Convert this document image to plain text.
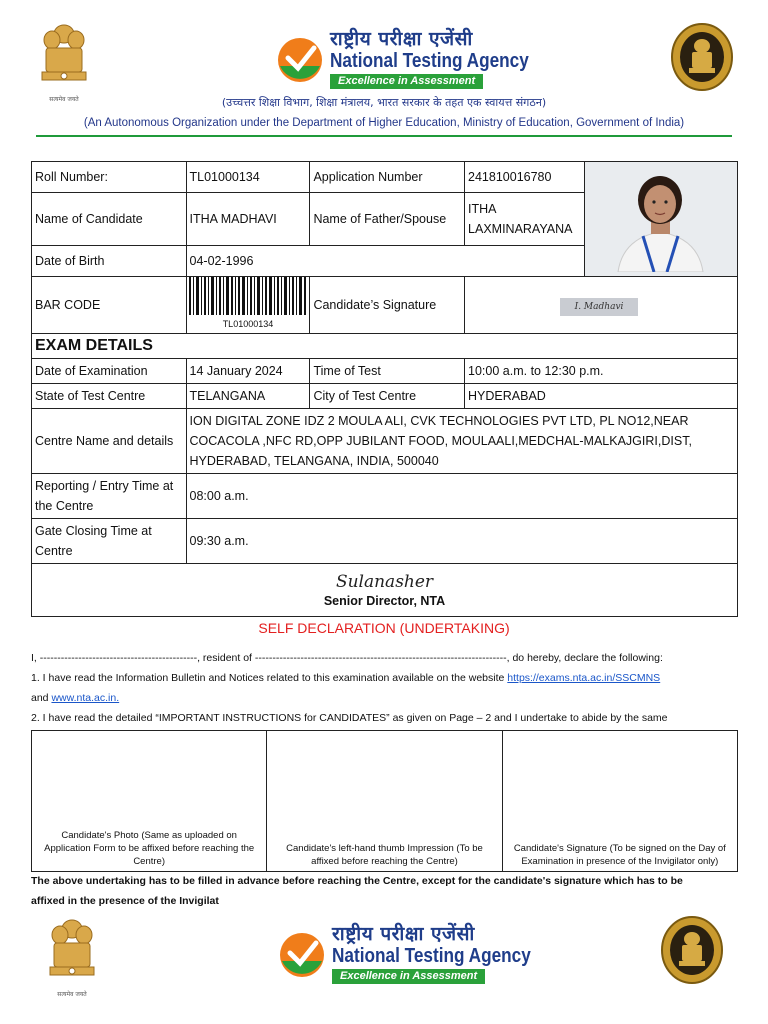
सत्यमेव जयते
राष्ट्रीय परीक्षा एजेंसी
National Testing Agency
Excellence in Assessment
(उच्चत्तर शिक्षा विभाग, शिक्षा मंत्रालय, भारत सरकार के तहत एक स्वायत्त संगठन)
(An Autonomous Organization under the Department of Higher Education, Ministry of Education, Government of India)
Roll Number:	TL01000134	Application Number	241810016780	

Name of Candidate	ITHA MADHAVI	Name of Father/Spouse	ITHA LAXMINARAYANA	
Date of Birth	04-02-1996			
BAR CODE	TL01000134	Candidate’s Signature	I. Madhavi	
EXAM DETAILS				
Date of Examination	14 January 2024	Time of Test	10:00 a.m. to 12:30 p.m.	
State of Test Centre	TELANGANA	City of Test Centre	HYDERABAD	
Centre Name and details	ION DIGITAL ZONE IDZ 2 MOULA ALI, CVK TECHNOLOGIES PVT LTD, PL NO12,NEAR COCACOLA ,NFC RD,OPP JUBILANT FOOD, MOULAALI,MEDCHAL-MALKAJGIRI,DIST, HYDERABAD, TELANGANA, INDIA, 500040			
Reporting / Entry Time at the Centre	08:00 a.m.			
Gate Closing Time at Centre	09:30 a.m.			

Sulanasher
Senior Director, NTA				
SELF DECLARATION (UNDERTAKING)
I, ---------------------------------------------, resident of ------------------------------------------------------------------------, do hereby, declare the following:
1. I have read the Information Bulletin and Notices related to this examination available on the website https://exams.nta.ac.in/SSCMNS
and www.nta.ac.in.
2. I have read the detailed “IMPORTANT INSTRUCTIONS for CANDIDATES” as given on Page – 2 and I undertake to abide by the same
Candidate's Photo (Same as uploaded on Application Form to be affixed before reaching the Centre)	Candidate's left-hand thumb Impression (To be affixed before reaching the Centre)	Candidate's Signature (To be signed on the Day of Examination in presence of the Invigilator only)
The above undertaking has to be filled in advance before reaching the Centre, except for the candidate's signature which has to be
affixed in the presence of the Invigilat
सत्यमेव जयते
राष्ट्रीय परीक्षा एजेंसी
National Testing Agency
Excellence in Assessment
